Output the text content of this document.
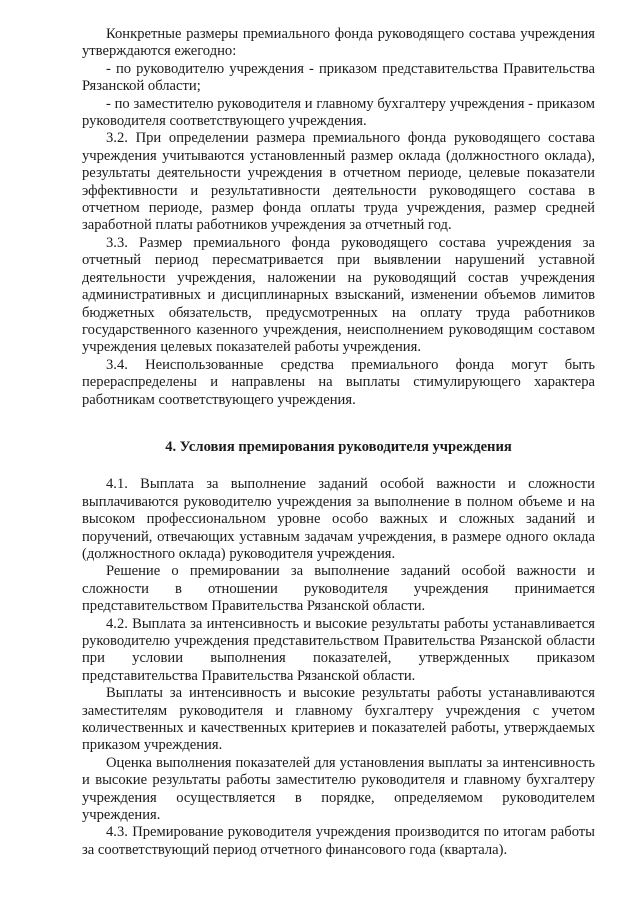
Конкретные размеры премиального фонда руководящего состава учреждения утверждаются ежегодно:

- по руководителю учреждения - приказом представительства Правительства Рязанской области;

- по заместителю руководителя и главному бухгалтеру учреждения - приказом руководителя соответствующего учреждения.

3.2. При определении размера премиального фонда руководящего состава учреждения учитываются установленный размер оклада (должностного оклада), результаты деятельности учреждения в отчетном периоде, целевые показатели эффективности и результативности деятельности руководящего состава в отчетном периоде, размер фонда оплаты труда учреждения, размер средней заработной платы работников учреждения за отчетный год.

3.3. Размер премиального фонда руководящего состава учреждения за отчетный период пересматривается при выявлении нарушений уставной деятельности учреждения, наложении на руководящий состав учреждения административных и дисциплинарных взысканий, изменении объемов лимитов бюджетных обязательств, предусмотренных на оплату труда работников государственного казенного учреждения, неисполнением руководящим составом учреждения целевых показателей работы учреждения.

3.4. Неиспользованные средства премиального фонда могут быть перераспределены и направлены на выплаты стимулирующего характера работникам соответствующего учреждения.

4. Условия премирования руководителя учреждения

4.1. Выплата за выполнение заданий особой важности и сложности выплачиваются руководителю учреждения за выполнение в полном объеме и на высоком профессиональном уровне особо важных и сложных заданий и поручений, отвечающих уставным задачам учреждения, в размере одного оклада (должностного оклада) руководителя учреждения.

Решение о премировании за выполнение заданий особой важности и сложности в отношении руководителя учреждения принимается представительством Правительства Рязанской области.

4.2. Выплата за интенсивность и высокие результаты работы устанавливается руководителю учреждения представительством Правительства Рязанской области при условии выполнения показателей, утвержденных приказом представительства Правительства Рязанской области.

Выплаты за интенсивность и высокие результаты работы устанавливаются заместителям руководителя и главному бухгалтеру учреждения с учетом количественных и качественных критериев и показателей работы, утверждаемых приказом учреждения.

Оценка выполнения показателей для установления выплаты за интенсивность и высокие результаты работы заместителю руководителя и главному бухгалтеру учреждения осуществляется в порядке, определяемом руководителем учреждения.

4.3. Премирование руководителя учреждения производится по итогам работы за соответствующий период отчетного финансового года (квартала).
